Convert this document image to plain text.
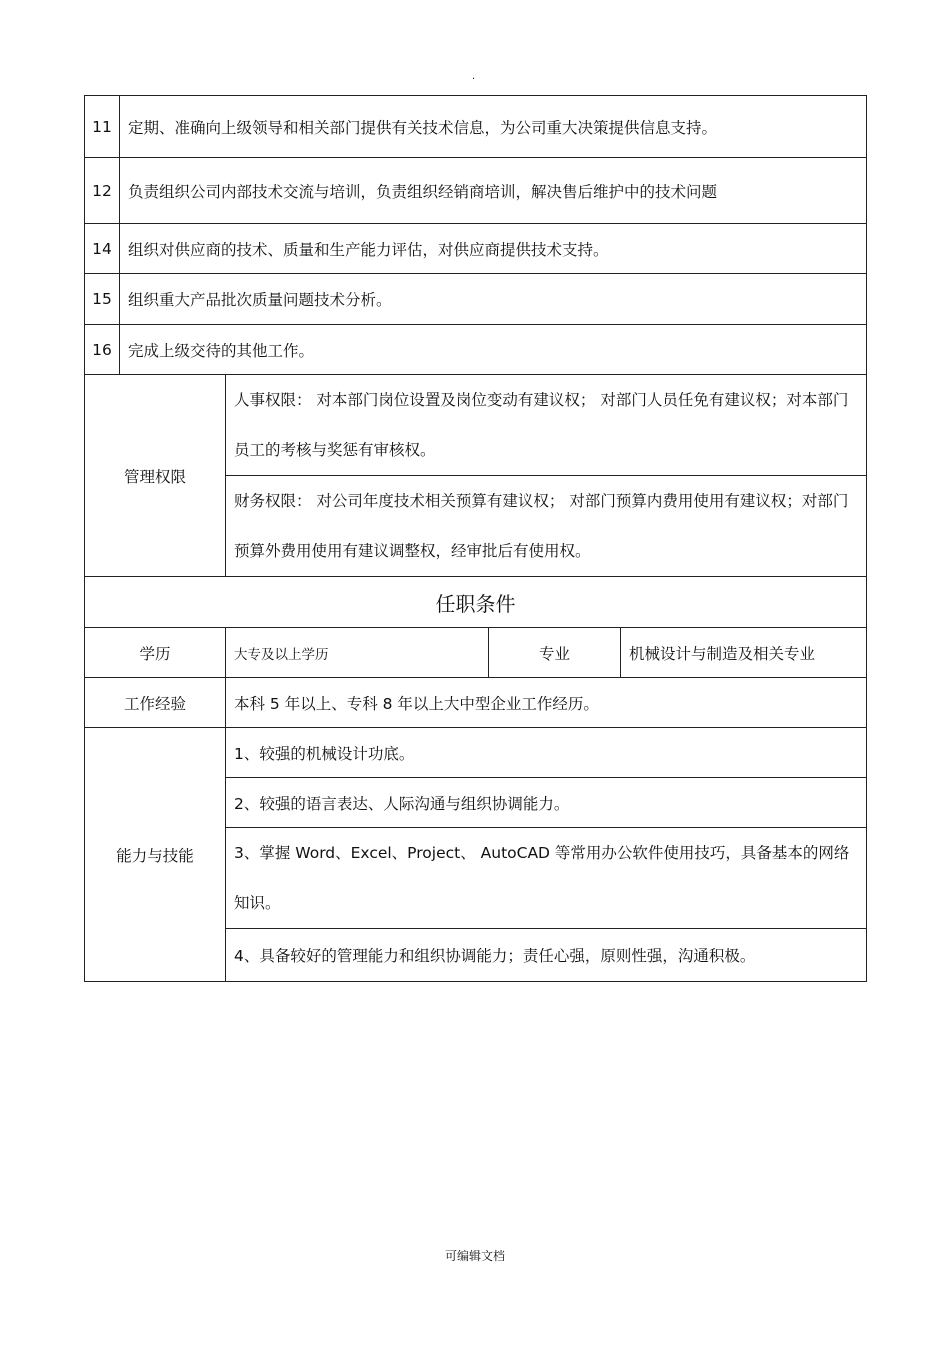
.
11	定期、准确向上级领导和相关部门提供有关技术信息，为公司重大决策提供信息支持。
12	负责组织公司内部技术交流与培训，负责组织经销商培训，解决售后维护中的技术问题
14	组织对供应商的技术、质量和生产能力评估，对供应商提供技术支持。
15	组织重大产品批次质量问题技术分析。
16	完成上级交待的其他工作。
管理权限	人事权限： 对本部门岗位设置及岗位变动有建议权； 对部门人员任免有建议权；对本部门员工的考核与奖惩有审核权。		
	财务权限： 对公司年度技术相关预算有建议权； 对部门预算内费用使用有建议权；对部门预算外费用使用有建议调整权，经审批后有使用权。		
任职条件			
学历	大专及以上学历	专业	机械设计与制造及相关专业
工作经验	本科 5 年以上、专科 8 年以上大中型企业工作经历。		
能力与技能	1、较强的机械设计功底。		
	2、较强的语言表达、人际沟通与组织协调能力。		
	3、掌握 Word、Excel、Project、 AutoCAD 等常用办公软件使用技巧，具备基本的网络知识。		
	4、具备较好的管理能力和组织协调能力；责任心强，原则性强，沟通积极。		
可编辑文档
